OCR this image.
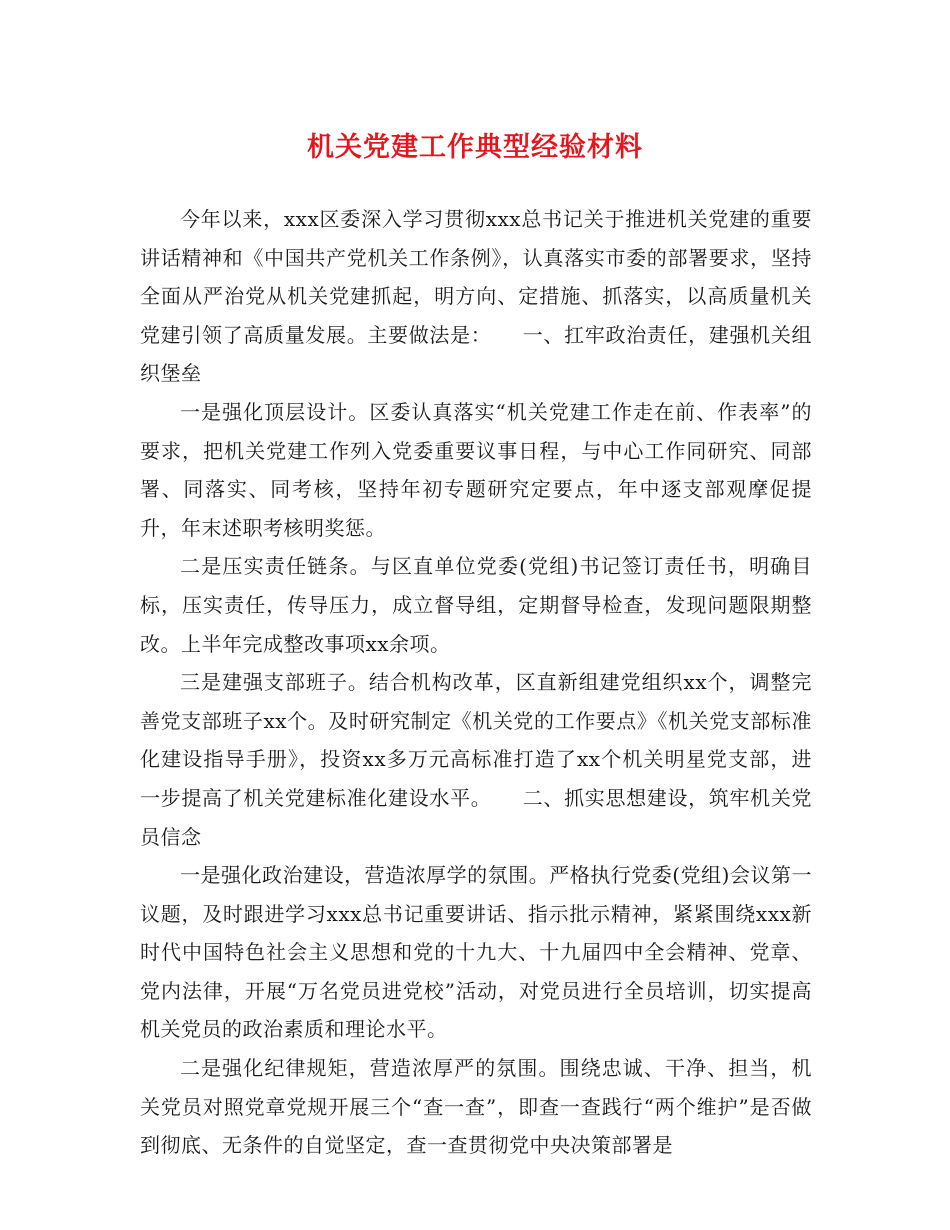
机关党建工作典型经验材料

今年以来，xxx区委深入学习贯彻xxx总书记关于推进机关党建的重要讲话精神和《中国共产党机关工作条例》，认真落实市委的部署要求，坚持全面从严治党从机关党建抓起，明方向、定措施、抓落实，以高质量机关党建引领了高质量发展。主要做法是：　　一、扛牢政治责任，建强机关组织堡垒

一是强化顶层设计。区委认真落实“机关党建工作走在前、作表率”的要求，把机关党建工作列入党委重要议事日程，与中心工作同研究、同部署、同落实、同考核，坚持年初专题研究定要点，年中逐支部观摩促提升，年末述职考核明奖惩。

二是压实责任链条。与区直单位党委(党组)书记签订责任书，明确目标，压实责任，传导压力，成立督导组，定期督导检查，发现问题限期整改。上半年完成整改事项xx余项。

三是建强支部班子。结合机构改革，区直新组建党组织xx个，调整完善党支部班子xx个。及时研究制定《机关党的工作要点》《机关党支部标准化建设指导手册》，投资xx多万元高标准打造了xx个机关明星党支部，进一步提高了机关党建标准化建设水平。　　二、抓实思想建设，筑牢机关党员信念

一是强化政治建设，营造浓厚学的氛围。严格执行党委(党组)会议第一议题，及时跟进学习xxx总书记重要讲话、指示批示精神，紧紧围绕xxx新时代中国特色社会主义思想和党的十九大、十九届四中全会精神、党章、党内法律，开展“万名党员进党校”活动，对党员进行全员培训，切实提高机关党员的政治素质和理论水平。

二是强化纪律规矩，营造浓厚严的氛围。围绕忠诚、干净、担当，机关党员对照党章党规开展三个“查一查”，即查一查践行“两个维护”是否做到彻底、无条件的自觉坚定，查一查贯彻党中央决策部署是
